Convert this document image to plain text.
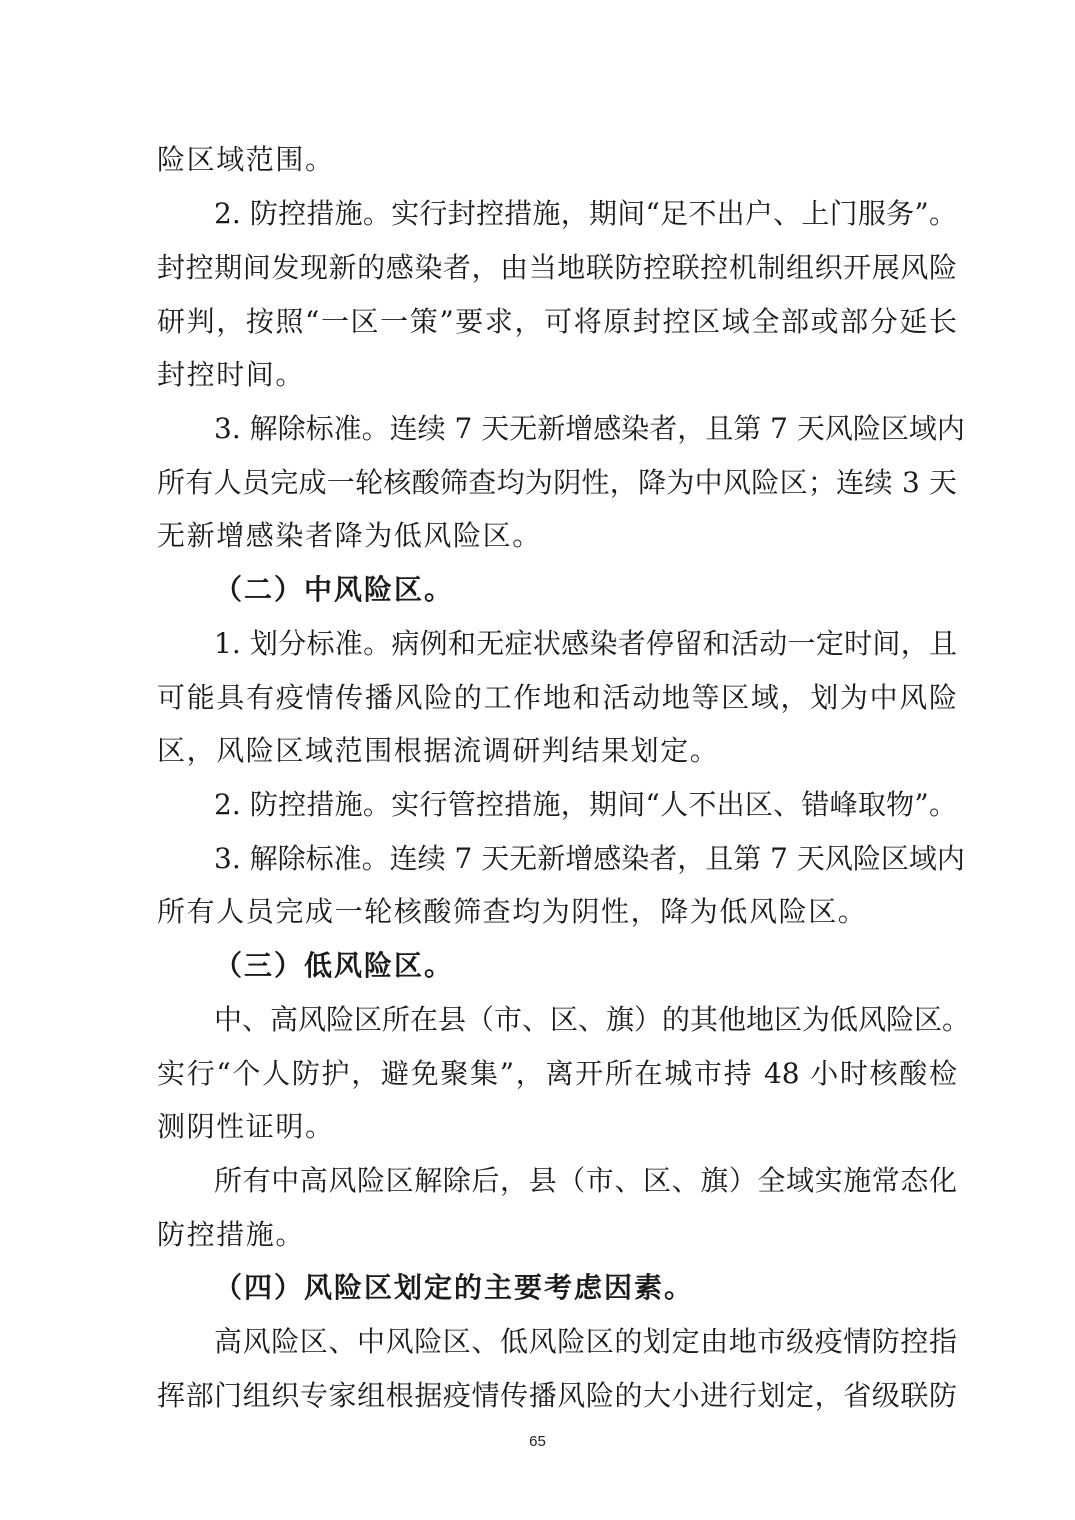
险区域范围。
2. 防控措施。实行封控措施，期间“足不出户、上门服务”。
封控期间发现新的感染者，由当地联防控联控机制组织开展风险
研判，按照“一区一策”要求，可将原封控区域全部或部分延长
封控时间。
3. 解除标准。连续 7 天无新增感染者，且第 7 天风险区域内
所有人员完成一轮核酸筛查均为阴性，降为中风险区；连续 3 天
无新增感染者降为低风险区。
（二）中风险区。
1. 划分标准。病例和无症状感染者停留和活动一定时间，且
可能具有疫情传播风险的工作地和活动地等区域，划为中风险
区，风险区域范围根据流调研判结果划定。
2. 防控措施。实行管控措施，期间“人不出区、错峰取物”。
3. 解除标准。连续 7 天无新增感染者，且第 7 天风险区域内
所有人员完成一轮核酸筛查均为阴性，降为低风险区。
（三）低风险区。
中、高风险区所在县（市、区、旗）的其他地区为低风险区。
实行“个人防护，避免聚集”，离开所在城市持 48 小时核酸检
测阴性证明。
所有中高风险区解除后，县（市、区、旗）全域实施常态化
防控措施。
（四）风险区划定的主要考虑因素。
高风险区、中风险区、低风险区的划定由地市级疫情防控指
挥部门组织专家组根据疫情传播风险的大小进行划定，省级联防
65
